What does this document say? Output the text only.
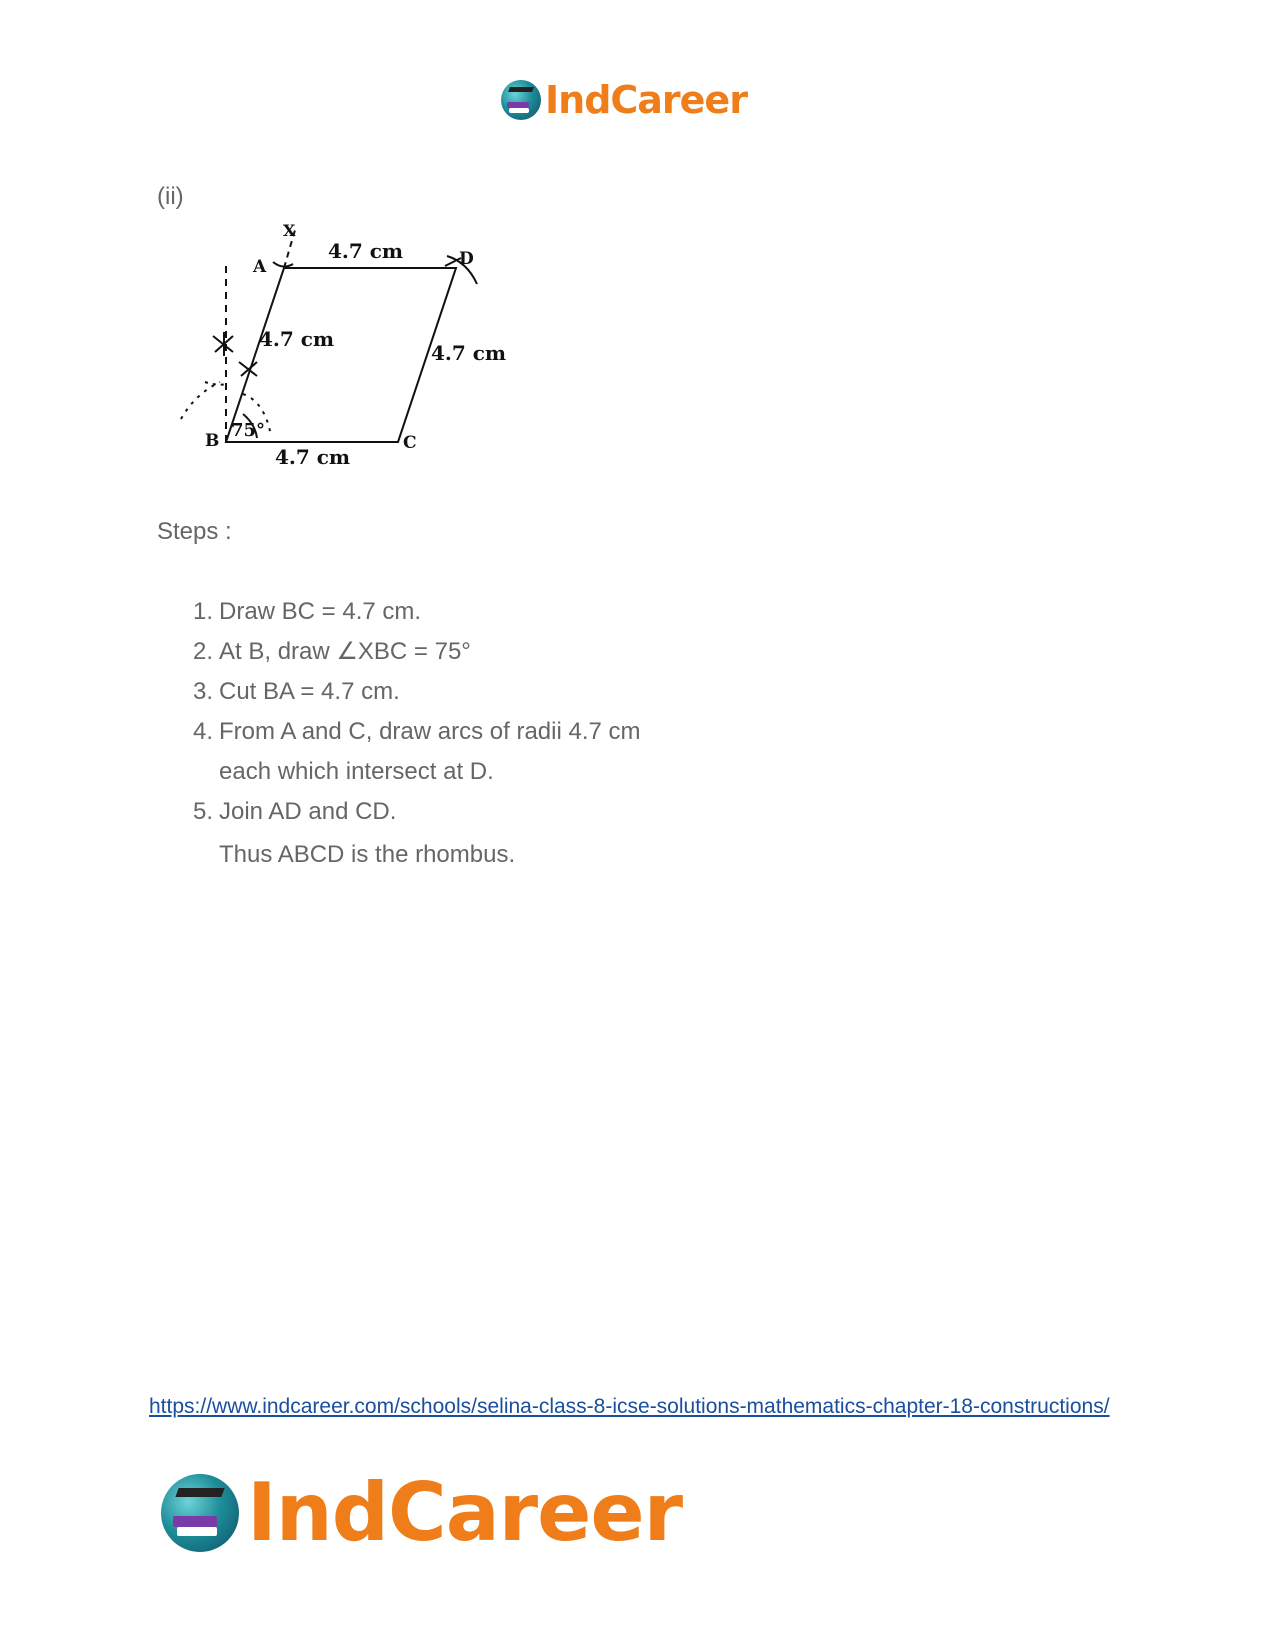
IndCareer
(ii)
A	D
B	C
X
4.7 cm
4.7 cm
4.7 cm
4.7 cm
75°
Steps :
1. Draw BC = 4.7 cm.
2. At B, draw ∠XBC = 75°
3. Cut BA = 4.7 cm.
4. From A and C, draw arcs of radii 4.7 cm
each which intersect at D.
5. Join AD and CD.
Thus ABCD is the rhombus.
https://www.indcareer.com/schools/selina-class-8-icse-solutions-mathematics-chapter-18-constructions/
IndCareer
